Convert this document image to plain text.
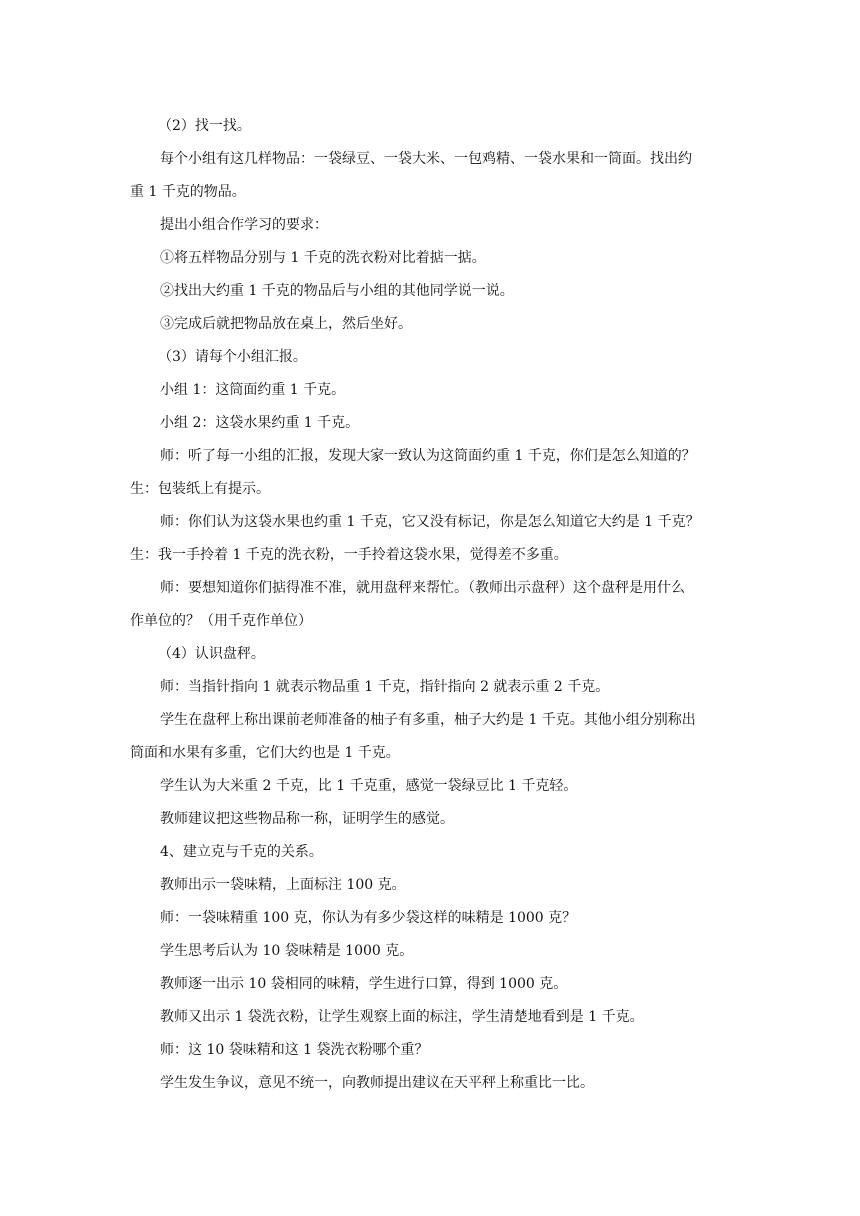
（2）找一找。
每个小组有这几样物品：一袋绿豆、一袋大米、一包鸡精、一袋水果和一筒面。找出约
重 1 千克的物品。
提出小组合作学习的要求：
①将五样物品分别与 1 千克的洗衣粉对比着掂一掂。
②找出大约重 1 千克的物品后与小组的其他同学说一说。
③完成后就把物品放在桌上，然后坐好。
（3）请每个小组汇报。
小组 1：这筒面约重 1 千克。
小组 2：这袋水果约重 1 千克。
师：听了每一小组的汇报，发现大家一致认为这筒面约重 1 千克，你们是怎么知道的？
生：包装纸上有提示。
师：你们认为这袋水果也约重 1 千克，它又没有标记，你是怎么知道它大约是 1 千克？
生：我一手拎着 1 千克的洗衣粉，一手拎着这袋水果，觉得差不多重。
师：要想知道你们掂得准不准，就用盘秤来帮忙。（教师出示盘秤）这个盘秤是用什么
作单位的？（用千克作单位）
（4）认识盘秤。
师：当指针指向 1 就表示物品重 1 千克，指针指向 2 就表示重 2 千克。
学生在盘秤上称出课前老师准备的柚子有多重，柚子大约是 1 千克。其他小组分别称出
筒面和水果有多重，它们大约也是 1 千克。
学生认为大米重 2 千克，比 1 千克重，感觉一袋绿豆比 1 千克轻。
教师建议把这些物品称一称，证明学生的感觉。
4、建立克与千克的关系。
教师出示一袋味精，上面标注 100 克。
师：一袋味精重 100 克，你认为有多少袋这样的味精是 1000 克？
学生思考后认为 10 袋味精是 1000 克。
教师逐一出示 10 袋相同的味精，学生进行口算，得到 1000 克。
教师又出示 1 袋洗衣粉，让学生观察上面的标注，学生清楚地看到是 1 千克。
师：这 10 袋味精和这 1 袋洗衣粉哪个重？
学生发生争议，意见不统一，向教师提出建议在天平秤上称重比一比。
